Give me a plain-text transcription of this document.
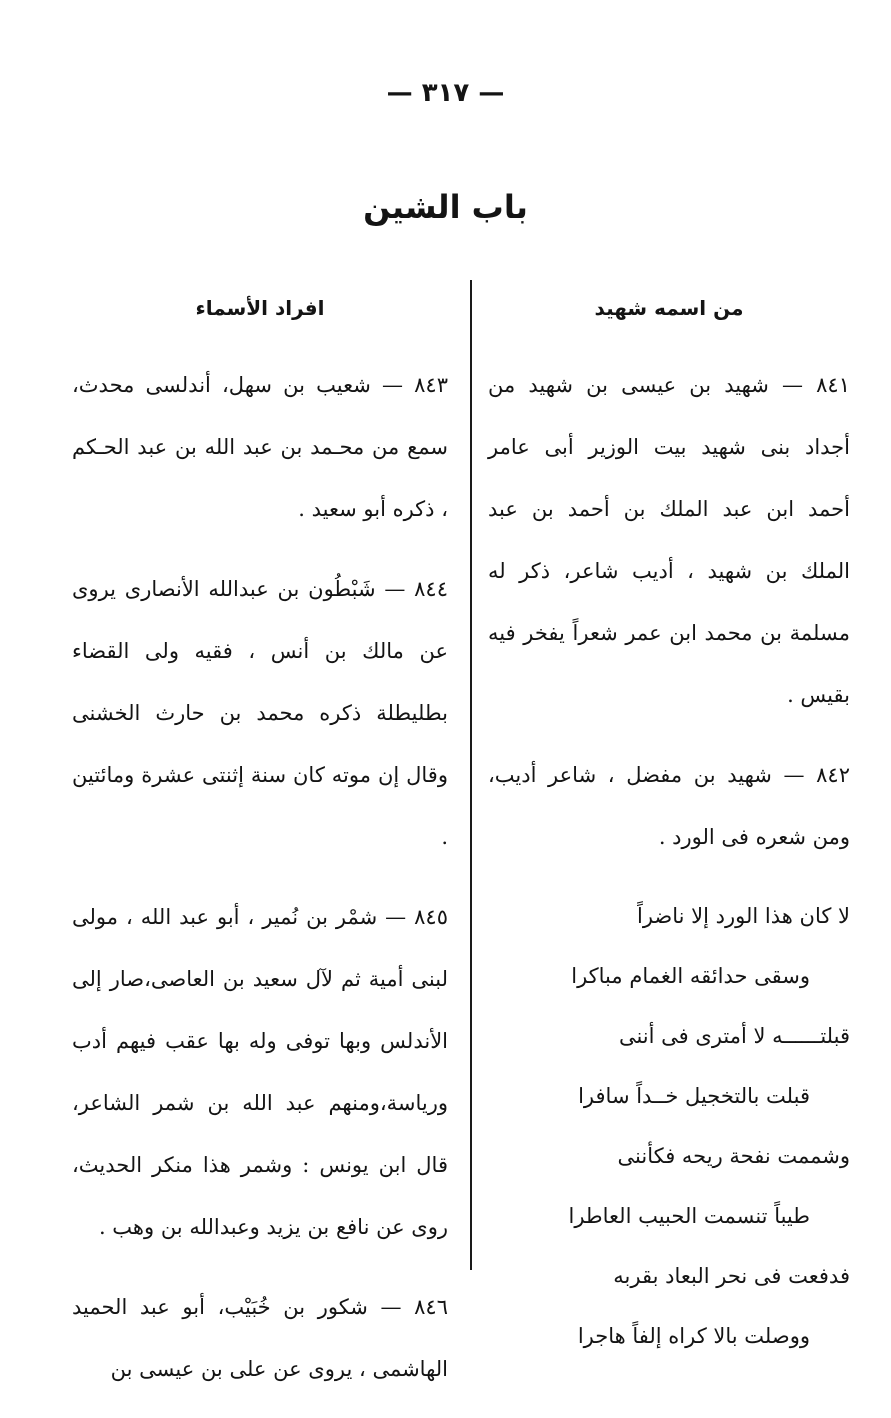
— ٣١٧ —
باب الشين
من اسمه شهيد

٨٤١ — شهيد بن عيسى بن شهيد من أجداد بنى شهيد بيت الوزير أبى عامر أحمد ابن عبد الملك بن أحمد بن عبد الملك بن شهيد ، أديب شاعر، ذكر له مسلمة بن محمد ابن عمر شعراً يفخر فيه بقيس .

٨٤٢ — شهيد بن مفضل ، شاعر أديب، ومن شعره فى الورد .

لا كان هذا الورد إلا ناضراً
وسقى حدائقه الغمام مباكرا
قبلتــــــه لا أمترى فى أننى
قبلت بالتخجيل خــداً سافرا
وشممت نفحة ريحه فكأننى
طيباً تنسمت الحبيب العاطرا
فدفعت فى نحر البعاد بقربه
ووصلت بالا كراه إلفاً هاجرا
افراد الأسماء

٨٤٣ — شعيب بن سهل، أندلسى محدث، سمع من محـمد بن عبد الله بن عبد الحـكم ، ذكره أبو سعيد .

٨٤٤ — شَبْطُون بن عبدالله الأنصارى يروى عن مالك بن أنس ، فقيه ولى القضاء بطليطلة ذكره محمد بن حارث الخشنى وقال إن موته كان سنة إثنتى عشرة ومائتين .

٨٤٥ — شمْر بن نُمير ، أبو عبد الله ، مولى لبنى أمية ثم لآل سعيد بن العاصى،صار إلى الأندلس وبها توفى وله بها عقب فيهم أدب ورياسة،ومنهم عبد الله بن شمر الشاعر، قال ابن يونس : وشمر هذا منكر الحديث، روى عن نافع بن يزيد وعبدالله بن وهب .

٨٤٦ — شكور بن خُبَيْب، أبو عبد الحميد الهاشمى ، يروى عن على بن عيسى بن
